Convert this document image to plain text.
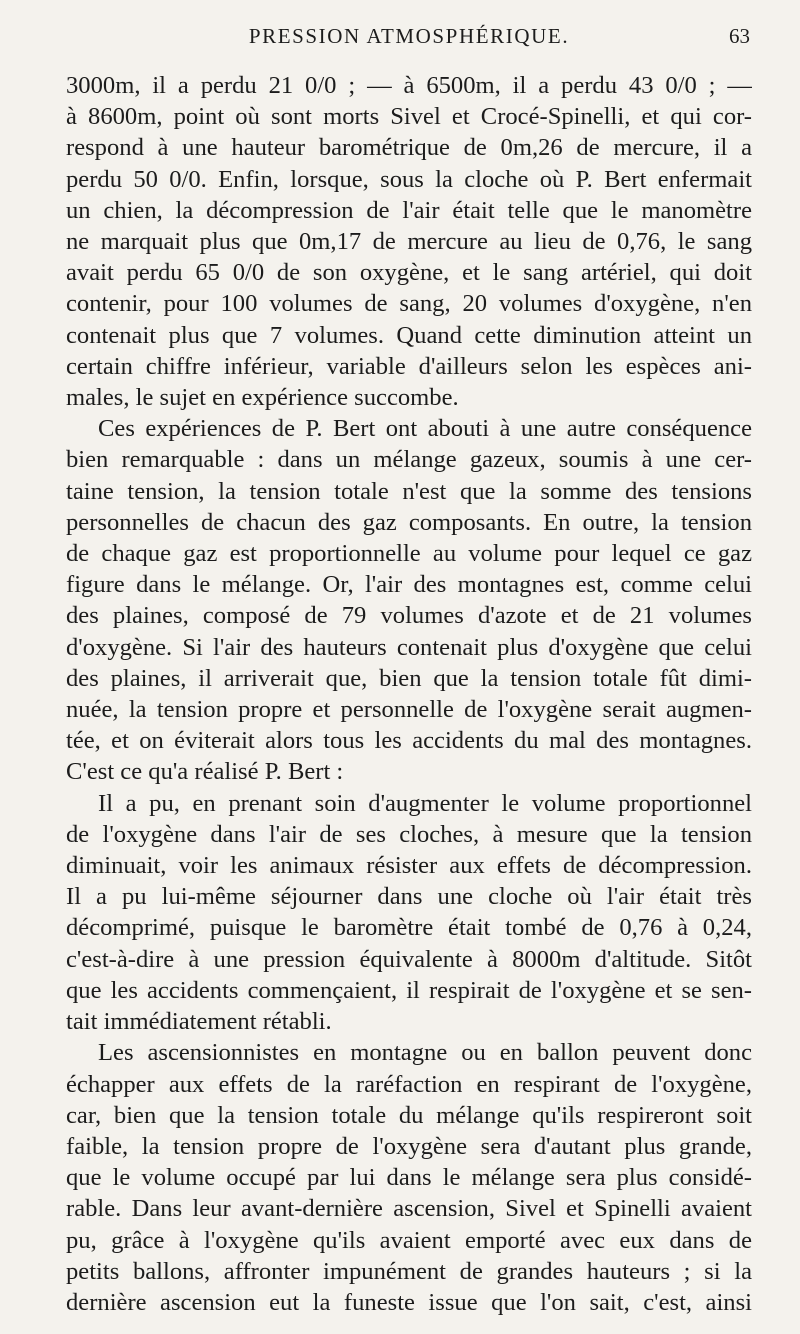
PRESSION ATMOSPHÉRIQUE.	63
3000m, il a perdu 21 0/0 ; — à 6500m, il a perdu 43 0/0 ; —
à 8600m, point où sont morts Sivel et Crocé-Spinelli, et qui cor-
respond à une hauteur barométrique de 0m,26 de mercure, il a
perdu 50 0/0. Enfin, lorsque, sous la cloche où P. Bert enfermait
un chien, la décompression de l'air était telle que le manomètre
ne marquait plus que 0m,17 de mercure au lieu de 0,76, le sang
avait perdu 65 0/0 de son oxygène, et le sang artériel, qui doit
contenir, pour 100 volumes de sang, 20 volumes d'oxygène, n'en
contenait plus que 7 volumes. Quand cette diminution atteint un
certain chiffre inférieur, variable d'ailleurs selon les espèces ani-
males, le sujet en expérience succombe.
Ces expériences de P. Bert ont abouti à une autre conséquence
bien remarquable : dans un mélange gazeux, soumis à une cer-
taine tension, la tension totale n'est que la somme des tensions
personnelles de chacun des gaz composants. En outre, la tension
de chaque gaz est proportionnelle au volume pour lequel ce gaz
figure dans le mélange. Or, l'air des montagnes est, comme celui
des plaines, composé de 79 volumes d'azote et de 21 volumes
d'oxygène. Si l'air des hauteurs contenait plus d'oxygène que celui
des plaines, il arriverait que, bien que la tension totale fût dimi-
nuée, la tension propre et personnelle de l'oxygène serait augmen-
tée, et on éviterait alors tous les accidents du mal des montagnes.
C'est ce qu'a réalisé P. Bert :
Il a pu, en prenant soin d'augmenter le volume proportionnel
de l'oxygène dans l'air de ses cloches, à mesure que la tension
diminuait, voir les animaux résister aux effets de décompression.
Il a pu lui-même séjourner dans une cloche où l'air était très
décomprimé, puisque le baromètre était tombé de 0,76 à 0,24,
c'est-à-dire à une pression équivalente à 8000m d'altitude. Sitôt
que les accidents commençaient, il respirait de l'oxygène et se sen-
tait immédiatement rétabli.
Les ascensionnistes en montagne ou en ballon peuvent donc
échapper aux effets de la raréfaction en respirant de l'oxygène,
car, bien que la tension totale du mélange qu'ils respireront soit
faible, la tension propre de l'oxygène sera d'autant plus grande,
que le volume occupé par lui dans le mélange sera plus considé-
rable. Dans leur avant-dernière ascension, Sivel et Spinelli avaient
pu, grâce à l'oxygène qu'ils avaient emporté avec eux dans de
petits ballons, affronter impunément de grandes hauteurs ; si la
dernière ascension eut la funeste issue que l'on sait, c'est, ainsi
